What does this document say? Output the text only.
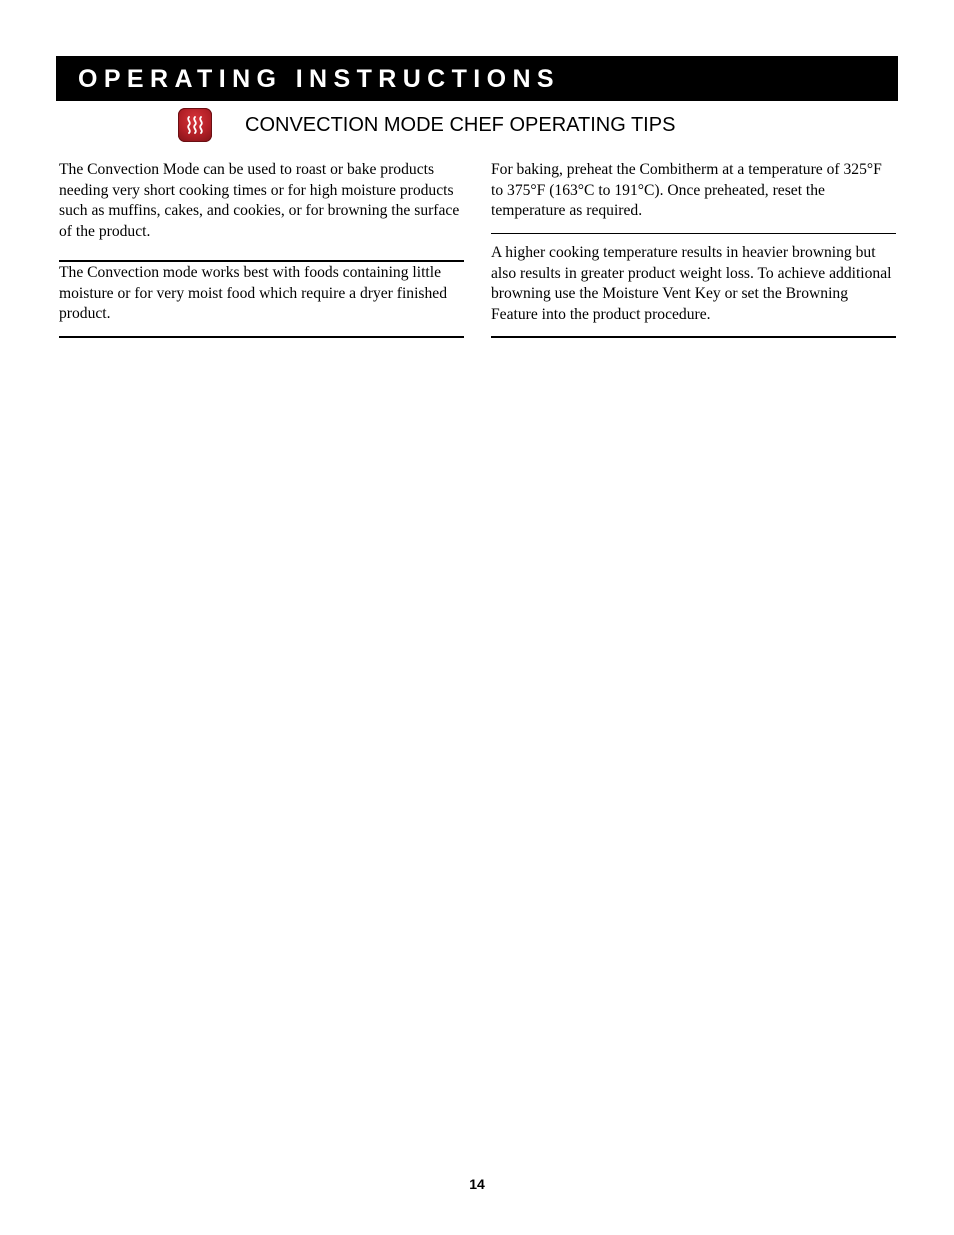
OPERATING INSTRUCTIONS
CONVECTION MODE CHEF OPERATING TIPS

The Convection Mode can be used to roast or bake products needing very short cooking times or for high moisture products such as muffins, cakes, and cookies, or for browning the surface of the product.

The Convection mode works best with foods containing little moisture or for very moist food which require a dryer finished product.

For baking, preheat the Combitherm at a temperature of 325°F to 375°F (163°C to 191°C). Once preheated, reset the temperature as required.

A higher cooking temperature results in heavier browning but also results in greater product weight loss. To achieve additional browning use the Moisture Vent Key or set the Browning Feature into the product procedure.

14
